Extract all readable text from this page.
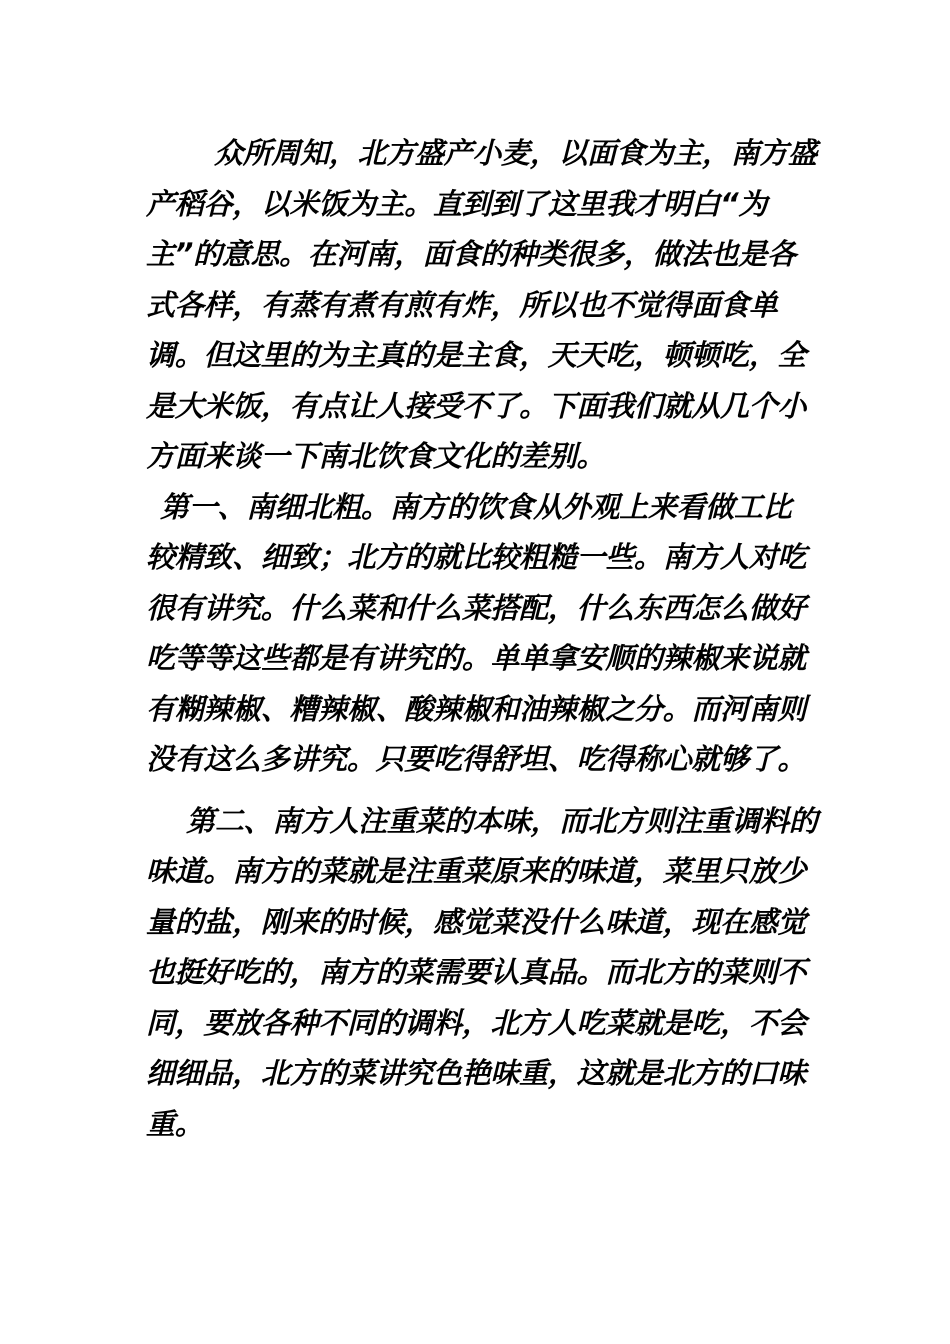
众所周知，北方盛产小麦，以面食为主，南方盛产稻谷，以米饭为主。直到到了这里我才明白“为主”的意思。在河南，面食的种类很多，做法也是各式各样，有蒸有煮有煎有炸，所以也不觉得面食单调。但这里的为主真的是主食，天天吃，顿顿吃，全是大米饭，有点让人接受不了。下面我们就从几个小方面来谈一下南北饮食文化的差别。

第一、南细北粗。南方的饮食从外观上来看做工比较精致、细致；北方的就比较粗糙一些。南方人对吃很有讲究。什么菜和什么菜搭配，什么东西怎么做好吃等等这些都是有讲究的。单单拿安顺的辣椒来说就有糊辣椒、糟辣椒、酸辣椒和油辣椒之分。而河南则没有这么多讲究。只要吃得舒坦、吃得称心就够了。

第二、南方人注重菜的本味，而北方则注重调料的味道。南方的菜就是注重菜原来的味道，菜里只放少量的盐，刚来的时候，感觉菜没什么味道，现在感觉也挺好吃的，南方的菜需要认真品。而北方的菜则不同，要放各种不同的调料，北方人吃菜就是吃，不会细细品，北方的菜讲究色艳味重，这就是北方的口味重。
